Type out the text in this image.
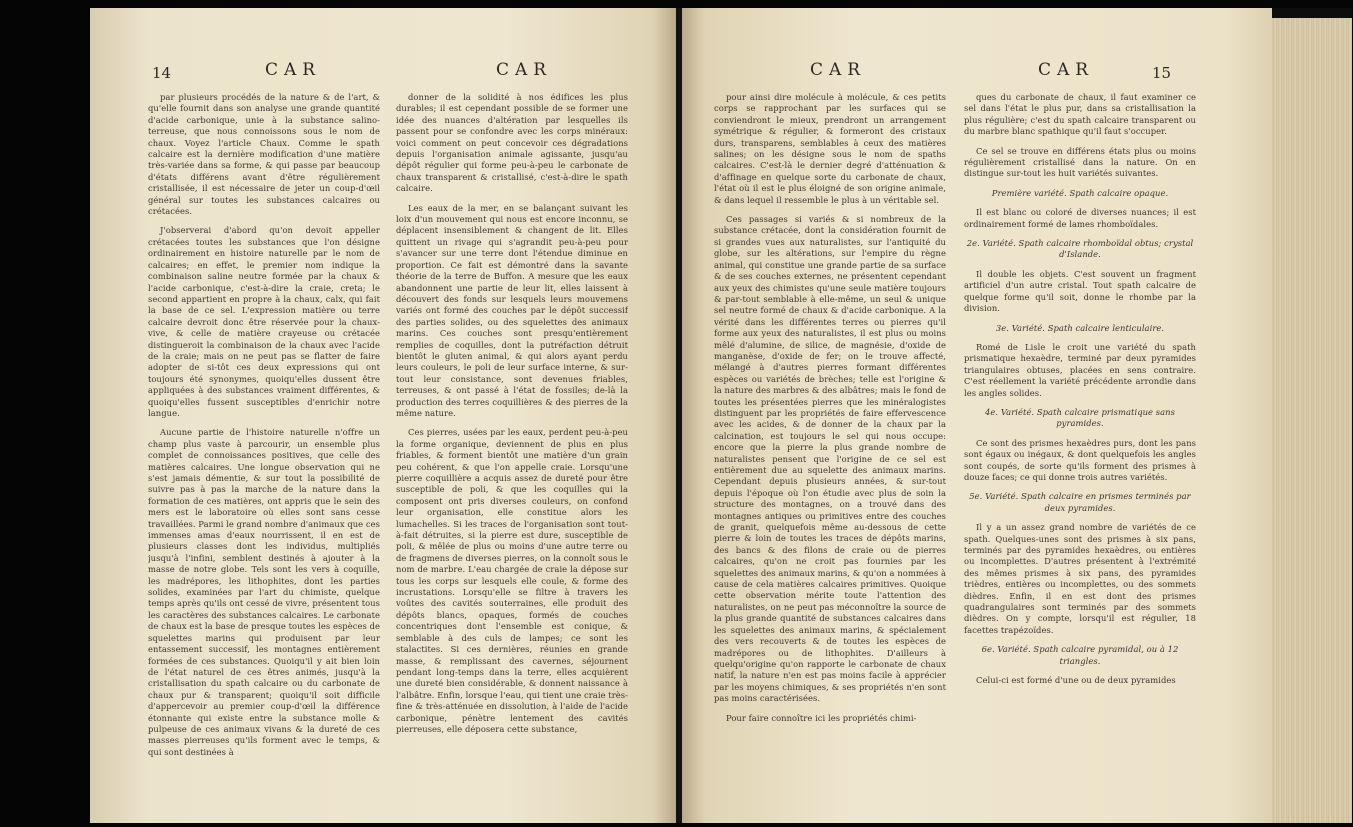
14	CAR	CAR

par plusieurs procédés de la nature & de l'art, & qu'elle fournit dans son analyse une grande quantité d'acide carbonique, unie à la substance salino-terreuse, que nous connoissons sous le nom de chaux. Voyez l'article Chaux. Comme le spath calcaire est la dernière modification d'une matière très-variée dans sa forme, & qui passe par beaucoup d'états différens avant d'être régulièrement cristallisée, il est nécessaire de jeter un coup-d'œil général sur toutes les substances calcaires ou crétacées.

J'observerai d'abord qu'on devoit appeller crétacées toutes les substances que l'on désigne ordinairement en histoire naturelle par le nom de calcaires; en effet, le premier nom indique la combinaison saline neutre formée par la chaux & l'acide carbonique, c'est-à-dire la craie, creta; le second appartient en propre à la chaux, calx, qui fait la base de ce sel. L'expression matière ou terre calcaire devroit donc être réservée pour la chaux-vive, & celle de matière crayeuse ou crétacée distingueroit la combinaison de la chaux avec l'acide de la craie; mais on ne peut pas se flatter de faire adopter de si-tôt ces deux expressions qui ont toujours été synonymes, quoiqu'elles dussent être appliquées à des substances vraiment différentes, & quoiqu'elles fussent susceptibles d'enrichir notre langue.

Aucune partie de l'histoire naturelle n'offre un champ plus vaste à parcourir, un ensemble plus complet de connoissances positives, que celle des matières calcaires. Une longue observation qui ne s'est jamais démentie, & sur tout la possibilité de suivre pas à pas la marche de la nature dans la formation de ces matières, ont appris que le sein des mers est le laboratoire où elles sont sans cesse travaillées. Parmi le grand nombre d'animaux que ces immenses amas d'eaux nourrissent, il en est de plusieurs classes dont les individus, multipliés jusqu'à l'infini, semblent destinés à ajouter à la masse de notre globe. Tels sont les vers à coquille, les madrépores, les lithophites, dont les parties solides, examinées par l'art du chimiste, quelque temps après qu'ils ont cessé de vivre, présentent tous les caractères des substances calcaires. Le carbonate de chaux est la base de presque toutes les espèces de squelettes marins qui produisent par leur entassement successif, les montagnes entièrement formées de ces substances. Quoiqu'il y ait bien loin de l'état naturel de ces êtres animés, jusqu'à la cristallisation du spath calcaire ou du carbonate de chaux pur & transparent; quoiqu'il soit difficile d'appercevoir au premier coup-d'œil la différence étonnante qui existe entre la substance molle & pulpeuse de ces animaux vivans & la dureté de ces masses pierreuses qu'ils forment avec le temps, & qui sont destinées à

donner de la solidité à nos édifices les plus durables; il est cependant possible de se former une idée des nuances d'altération par lesquelles ils passent pour se confondre avec les corps minéraux: voici comment on peut concevoir ces dégradations depuis l'organisation animale agissante, jusqu'au dépôt régulier qui forme peu-à-peu le carbonate de chaux transparent & cristallisé, c'est-à-dire le spath calcaire.

Les eaux de la mer, en se balançant suivant les loix d'un mouvement qui nous est encore inconnu, se déplacent insensiblement & changent de lit. Elles quittent un rivage qui s'agrandit peu-à-peu pour s'avancer sur une terre dont l'étendue diminue en proportion. Ce fait est démontré dans la savante théorie de la terre de Buffon. A mesure que les eaux abandonnent une partie de leur lit, elles laissent à découvert des fonds sur lesquels leurs mouvemens variés ont formé des couches par le dépôt successif des parties solides, ou des squelettes des animaux marins. Ces couches sont presqu'entièrement remplies de coquilles, dont la putréfaction détruit bientôt le gluten animal, & qui alors ayant perdu leurs couleurs, le poli de leur surface interne, & sur-tout leur consistance, sont devenues friables, terreuses, & ont passé à l'état de fossiles; de-là la production des terres coquillières & des pierres de la même nature.

Ces pierres, usées par les eaux, perdent peu-à-peu la forme organique, deviennent de plus en plus friables, & forment bientôt une matière d'un grain peu cohérent, & que l'on appelle craie. Lorsqu'une pierre coquillière a acquis assez de dureté pour être susceptible de poli, & que les coquilles qui la composent ont pris diverses couleurs, on confond leur organisation, elle constitue alors les lumachelles. Si les traces de l'organisation sont tout-à-fait détruites, si la pierre est dure, susceptible de poli, & mêlée de plus ou moins d'une autre terre ou de fragmens de diverses pierres, on la connoît sous le nom de marbre. L'eau chargée de craie la dépose sur tous les corps sur lesquels elle coule, & forme des incrustations. Lorsqu'elle se filtre à travers les voûtes des cavités souterraines, elle produit des dépôts blancs, opaques, formés de couches concentriques dont l'ensemble est conique, & semblable à des culs de lampes; ce sont les stalactites. Si ces dernières, réunies en grande masse, & remplissant des cavernes, séjournent pendant long-temps dans la terre, elles acquièrent une dureté bien considérable, & donnent naissance à l'albâtre. Enfin, lorsque l'eau, qui tient une craie très-fine & très-atténuée en dissolution, à l'aide de l'acide carbonique, pénètre lentement des cavités pierreuses, elle déposera cette substance,

CAR	CAR	15

pour ainsi dire molécule à molécule, & ces petits corps se rapprochant par les surfaces qui se conviendront le mieux, prendront un arrangement symétrique & régulier, & formeront des cristaux durs, transparens, semblables à ceux des matières salines; on les désigne sous le nom de spaths calcaires. C'est-là le dernier degré d'atténuation & d'affinage en quelque sorte du carbonate de chaux, l'état où il est le plus éloigné de son origine animale, & dans lequel il ressemble le plus à un véritable sel.

Ces passages si variés & si nombreux de la substance crétacée, dont la considération fournit de si grandes vues aux naturalistes, sur l'antiquité du globe, sur les altérations, sur l'empire du règne animal, qui constitue une grande partie de sa surface & de ses couches externes, ne présentent cependant aux yeux des chimistes qu'une seule matière toujours & par-tout semblable à elle-même, un seul & unique sel neutre formé de chaux & d'acide carbonique. A la vérité dans les différentes terres ou pierres qu'il forme aux yeux des naturalistes, il est plus ou moins mêlé d'alumine, de silice, de magnésie, d'oxide de manganèse, d'oxide de fer; on le trouve affecté, mélangé à d'autres pierres formant différentes espèces ou variétés de brèches; telle est l'origine & la nature des marbres & des albâtres; mais le fond de toutes les présentées pierres que les minéralogistes distinguent par les propriétés de faire effervescence avec les acides, & de donner de la chaux par la calcination, est toujours le sel qui nous occupe: encore que la pierre la plus grande nombre de naturalistes pensent que l'origine de ce sel est entièrement due au squelette des animaux marins. Cependant depuis plusieurs années, & sur-tout depuis l'époque où l'on étudie avec plus de soin la structure des montagnes, on a trouvé dans des montagnes antiques ou primitives entre des couches de granit, quelquefois même au-dessous de cette pierre & loin de toutes les traces de dépôts marins, des bancs & des filons de craie ou de pierres calcaires, qu'on ne croit pas fournies par les squelettes des animaux marins, & qu'on a nommées à cause de cela matières calcaires primitives. Quoique cette observation mérite toute l'attention des naturalistes, on ne peut pas méconnoître la source de la plus grande quantité de substances calcaires dans les squelettes des animaux marins, & spécialement des vers recouverts & de toutes les espèces de madrépores ou de lithophites. D'ailleurs à quelqu'origine qu'on rapporte le carbonate de chaux natif, la nature n'en est pas moins facile à apprécier par les moyens chimiques, & ses propriétés n'en sont pas moins caractérisées.

Pour faire connoître ici les propriétés chimi-

ques du carbonate de chaux, il faut examiner ce sel dans l'état le plus pur, dans sa cristallisation la plus régulière; c'est du spath calcaire transparent ou du marbre blanc spathique qu'il faut s'occuper.

Ce sel se trouve en différens états plus ou moins régulièrement cristallisé dans la nature. On en distingue sur-tout les huit variétés suivantes.

Première variété. Spath calcaire opaque.

Il est blanc ou coloré de diverses nuances; il est ordinairement formé de lames rhomboïdales.

2e. Variété. Spath calcaire rhomboïdal obtus; crystal d'Islande.

Il double les objets. C'est souvent un fragment artificiel d'un autre cristal. Tout spath calcaire de quelque forme qu'il soit, donne le rhombe par la division.

3e. Variété. Spath calcaire lenticulaire.

Romé de Lisle le croit une variété du spath prismatique hexaèdre, terminé par deux pyramides triangulaires obtuses, placées en sens contraire. C'est réellement la variété précédente arrondie dans les angles solides.

4e. Variété. Spath calcaire prismatique sans pyramides.

Ce sont des prismes hexaèdres purs, dont les pans sont égaux ou inégaux, & dont quelquefois les angles sont coupés, de sorte qu'ils forment des prismes à douze faces; ce qui donne trois autres variétés.

5e. Variété. Spath calcaire en prismes terminés par deux pyramides.

Il y a un assez grand nombre de variétés de ce spath. Quelques-unes sont des prismes à six pans, terminés par des pyramides hexaèdres, ou entières ou incomplettes. D'autres présentent à l'extrémité des mêmes prismes à six pans, des pyramides trièdres, entières ou incomplettes, ou des sommets dièdres. Enfin, il en est dont des prismes quadrangulaires sont terminés par des sommets dièdres. On y compte, lorsqu'il est régulier, 18 facettes trapézoïdes.

6e. Variété. Spath calcaire pyramidal, ou à 12 triangles.

Celui-ci est formé d'une ou de deux pyramides
